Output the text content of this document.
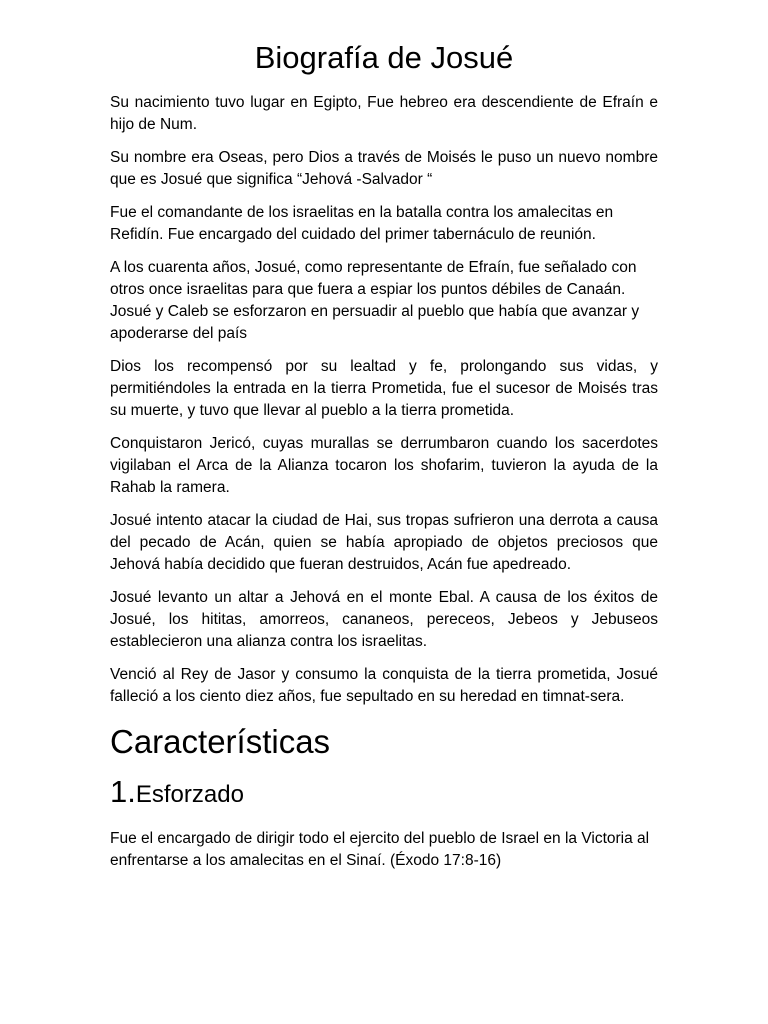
Biografía de Josué

Su nacimiento tuvo lugar en Egipto, Fue hebreo era descendiente de Efraín e hijo de Num.

Su nombre era Oseas, pero Dios a través de Moisés le puso un nuevo nombre que es Josué que significa “Jehová -Salvador “

Fue el comandante de los israelitas en la batalla contra los amalecitas en Refidín. Fue encargado del cuidado del primer tabernáculo de reunión.

A los cuarenta años, Josué, como representante de Efraín, fue señalado con otros once israelitas para que fuera a espiar los puntos débiles de Canaán. Josué y Caleb se esforzaron en persuadir al pueblo que había que avanzar y apoderarse del país

Dios los recompensó por su lealtad y fe, prolongando sus vidas, y permitiéndoles la entrada en la tierra Prometida, fue el sucesor de Moisés tras su muerte, y tuvo que llevar al pueblo a la tierra prometida.

Conquistaron Jericó, cuyas murallas se derrumbaron cuando los sacerdotes vigilaban el Arca de la Alianza tocaron los shofarim, tuvieron la ayuda de la Rahab la ramera.

Josué intento atacar la ciudad de Hai, sus tropas sufrieron una derrota a causa del pecado de Acán, quien se había apropiado de objetos preciosos que Jehová había decidido que fueran destruidos, Acán fue apedreado.

Josué levanto un altar a Jehová en el monte Ebal. A causa de los éxitos de Josué, los hititas, amorreos, cananeos, pereceos, Jebeos y Jebuseos establecieron una alianza contra los israelitas.

Venció al Rey de Jasor y consumo la conquista de la tierra prometida, Josué falleció a los ciento diez años, fue sepultado en su heredad en timnat-sera.

Características
1.Esforzado

Fue el encargado de dirigir todo el ejercito del pueblo de Israel en la Victoria al enfrentarse a los amalecitas en el Sinaí. (Éxodo 17:8-16)
